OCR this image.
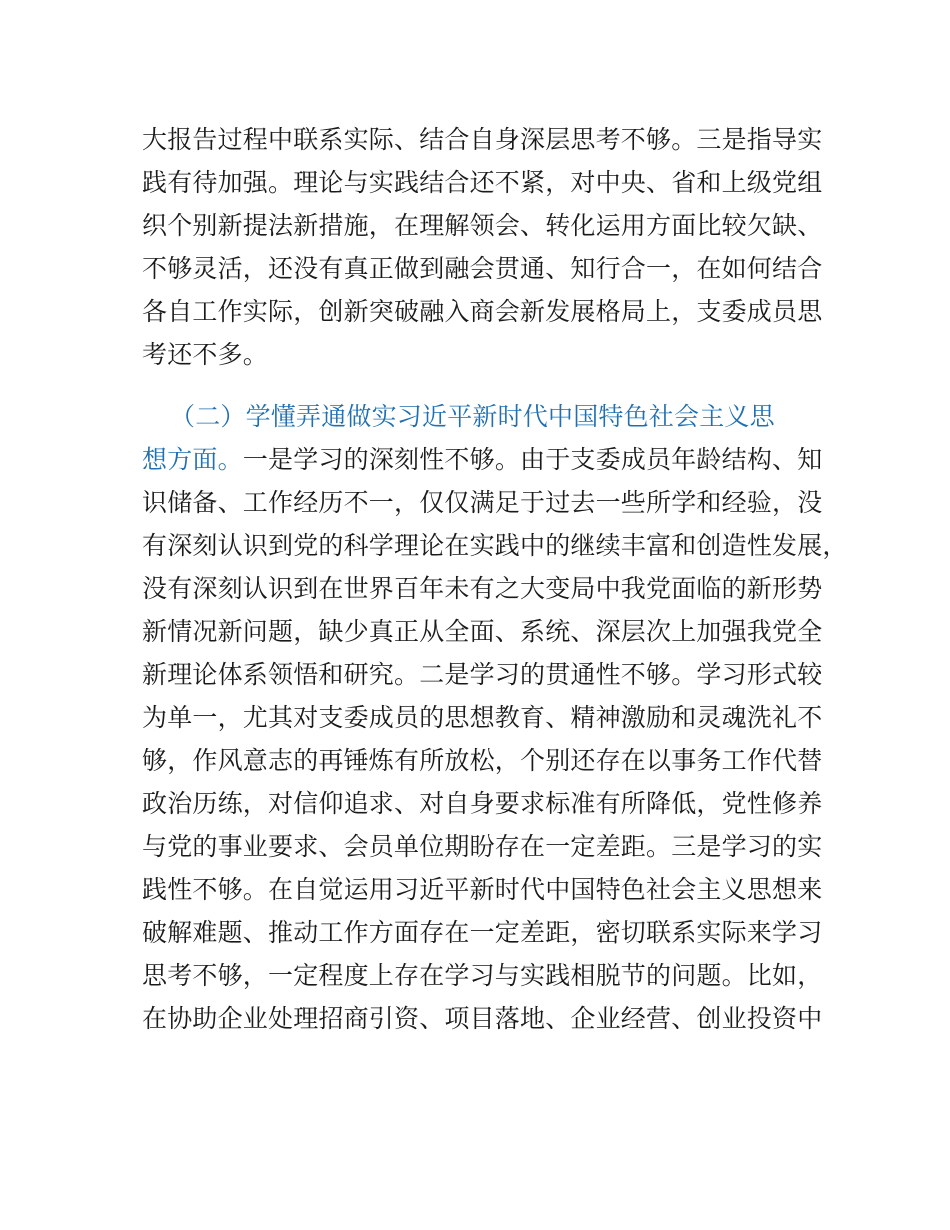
大报告过程中联系实际、结合自身深层思考不够。三是指导实
践有待加强。理论与实践结合还不紧，对中央、省和上级党组
织个别新提法新措施，在理解领会、转化运用方面比较欠缺、
不够灵活，还没有真正做到融会贯通、知行合一，在如何结合
各自工作实际，创新突破融入商会新发展格局上，支委成员思
考还不多。
（二）学懂弄通做实习近平新时代中国特色社会主义思
想方面。一是学习的深刻性不够。由于支委成员年龄结构、知
识储备、工作经历不一，仅仅满足于过去一些所学和经验，没
有深刻认识到党的科学理论在实践中的继续丰富和创造性发展，
没有深刻认识到在世界百年未有之大变局中我党面临的新形势
新情况新问题，缺少真正从全面、系统、深层次上加强我党全
新理论体系领悟和研究。二是学习的贯通性不够。学习形式较
为单一，尤其对支委成员的思想教育、精神激励和灵魂洗礼不
够，作风意志的再锤炼有所放松，个别还存在以事务工作代替
政治历练，对信仰追求、对自身要求标准有所降低，党性修养
与党的事业要求、会员单位期盼存在一定差距。三是学习的实
践性不够。在自觉运用习近平新时代中国特色社会主义思想来
破解难题、推动工作方面存在一定差距，密切联系实际来学习
思考不够，一定程度上存在学习与实践相脱节的问题。比如，
在协助企业处理招商引资、项目落地、企业经营、创业投资中
